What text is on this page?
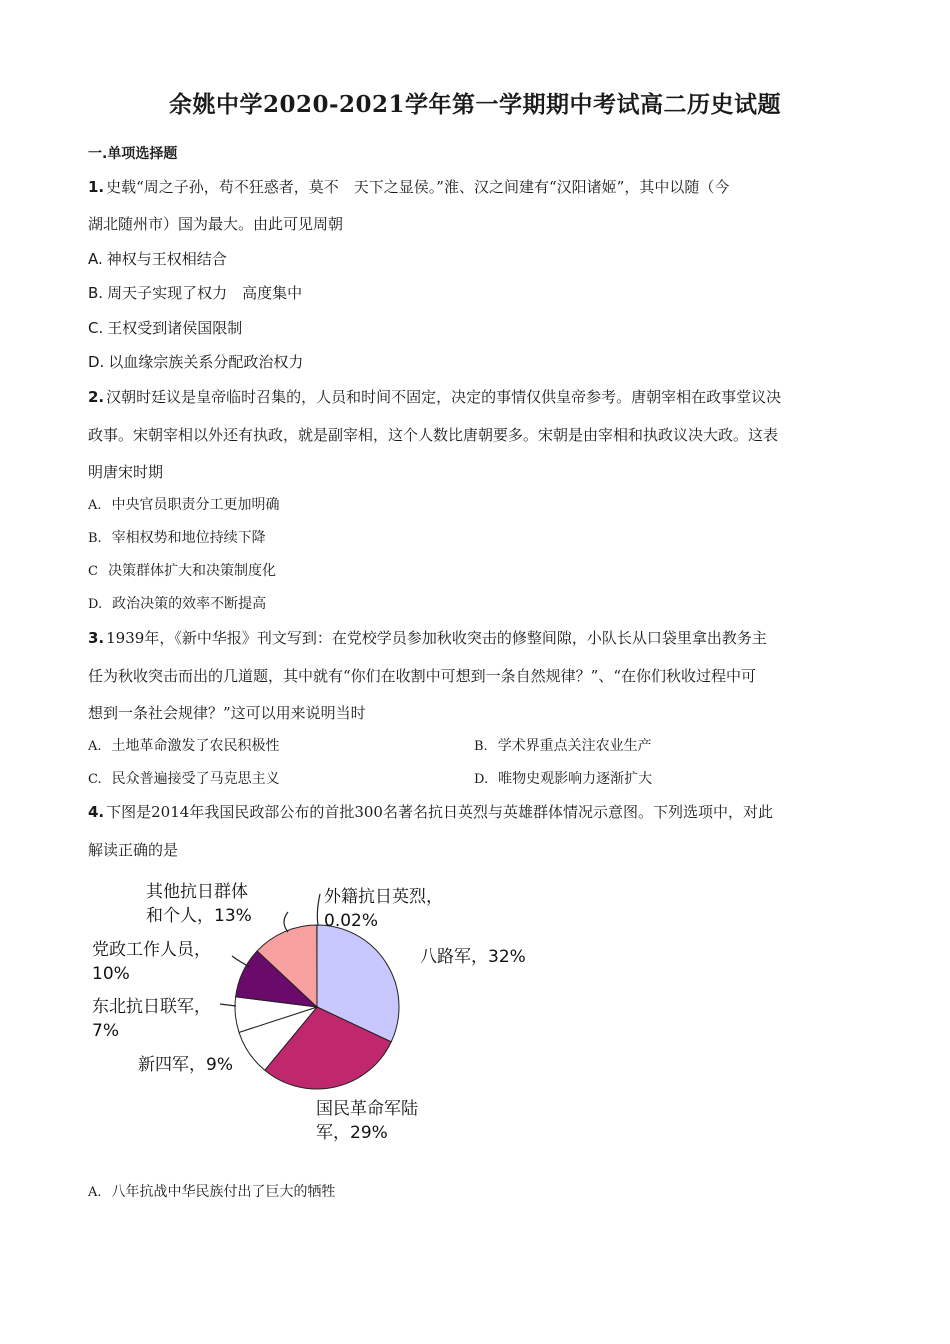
余姚中学2020-2021学年第一学期期中考试高二历史试题
一.单项选择题
1. 史载“周之子孙，苟不狂惑者，莫不　天下之显侯。”淮、汉之间建有“汉阳诸姬”，其中以随（今
湖北随州市）国为最大。由此可见周朝
A. 神权与王权相结合
B. 周天子实现了权力　高度集中
C. 王权受到诸侯国限制
D. 以血缘宗族关系分配政治权力
2. 汉朝时廷议是皇帝临时召集的，人员和时间不固定，决定的事情仅供皇帝参考。唐朝宰相在政事堂议决
政事。宋朝宰相以外还有执政，就是副宰相，这个人数比唐朝要多。宋朝是由宰相和执政议决大政。这表
明唐宋时期
A. 中央官员职责分工更加明确
B. 宰相权势和地位持续下降
C 决策群体扩大和决策制度化
D. 政治决策的效率不断提高
3. 1939年，《新中华报》刊文写到：在党校学员参加秋收突击的修整间隙，小队长从口袋里拿出教务主
任为秋收突击而出的几道题，其中就有“你们在收割中可想到一条自然规律？”、“在你们秋收过程中可
想到一条社会规律？”这可以用来说明当时
A. 土地革命激发了农民积极性	B. 学术界重点关注农业生产
C. 民众普遍接受了马克思主义	D. 唯物史观影响力逐渐扩大
4. 下图是2014年我国民政部公布的首批300名著名抗日英烈与英雄群体情况示意图。下列选项中，对此
解读正确的是
八路军，32%
国民革命军陆军，29%
新四军，9%
东北抗日联军， 7%
党政工作人员， 10%
其他抗日群体和个人，13%
外籍抗日英烈， 0.02%
A. 八年抗战中华民族付出了巨大的牺牲
